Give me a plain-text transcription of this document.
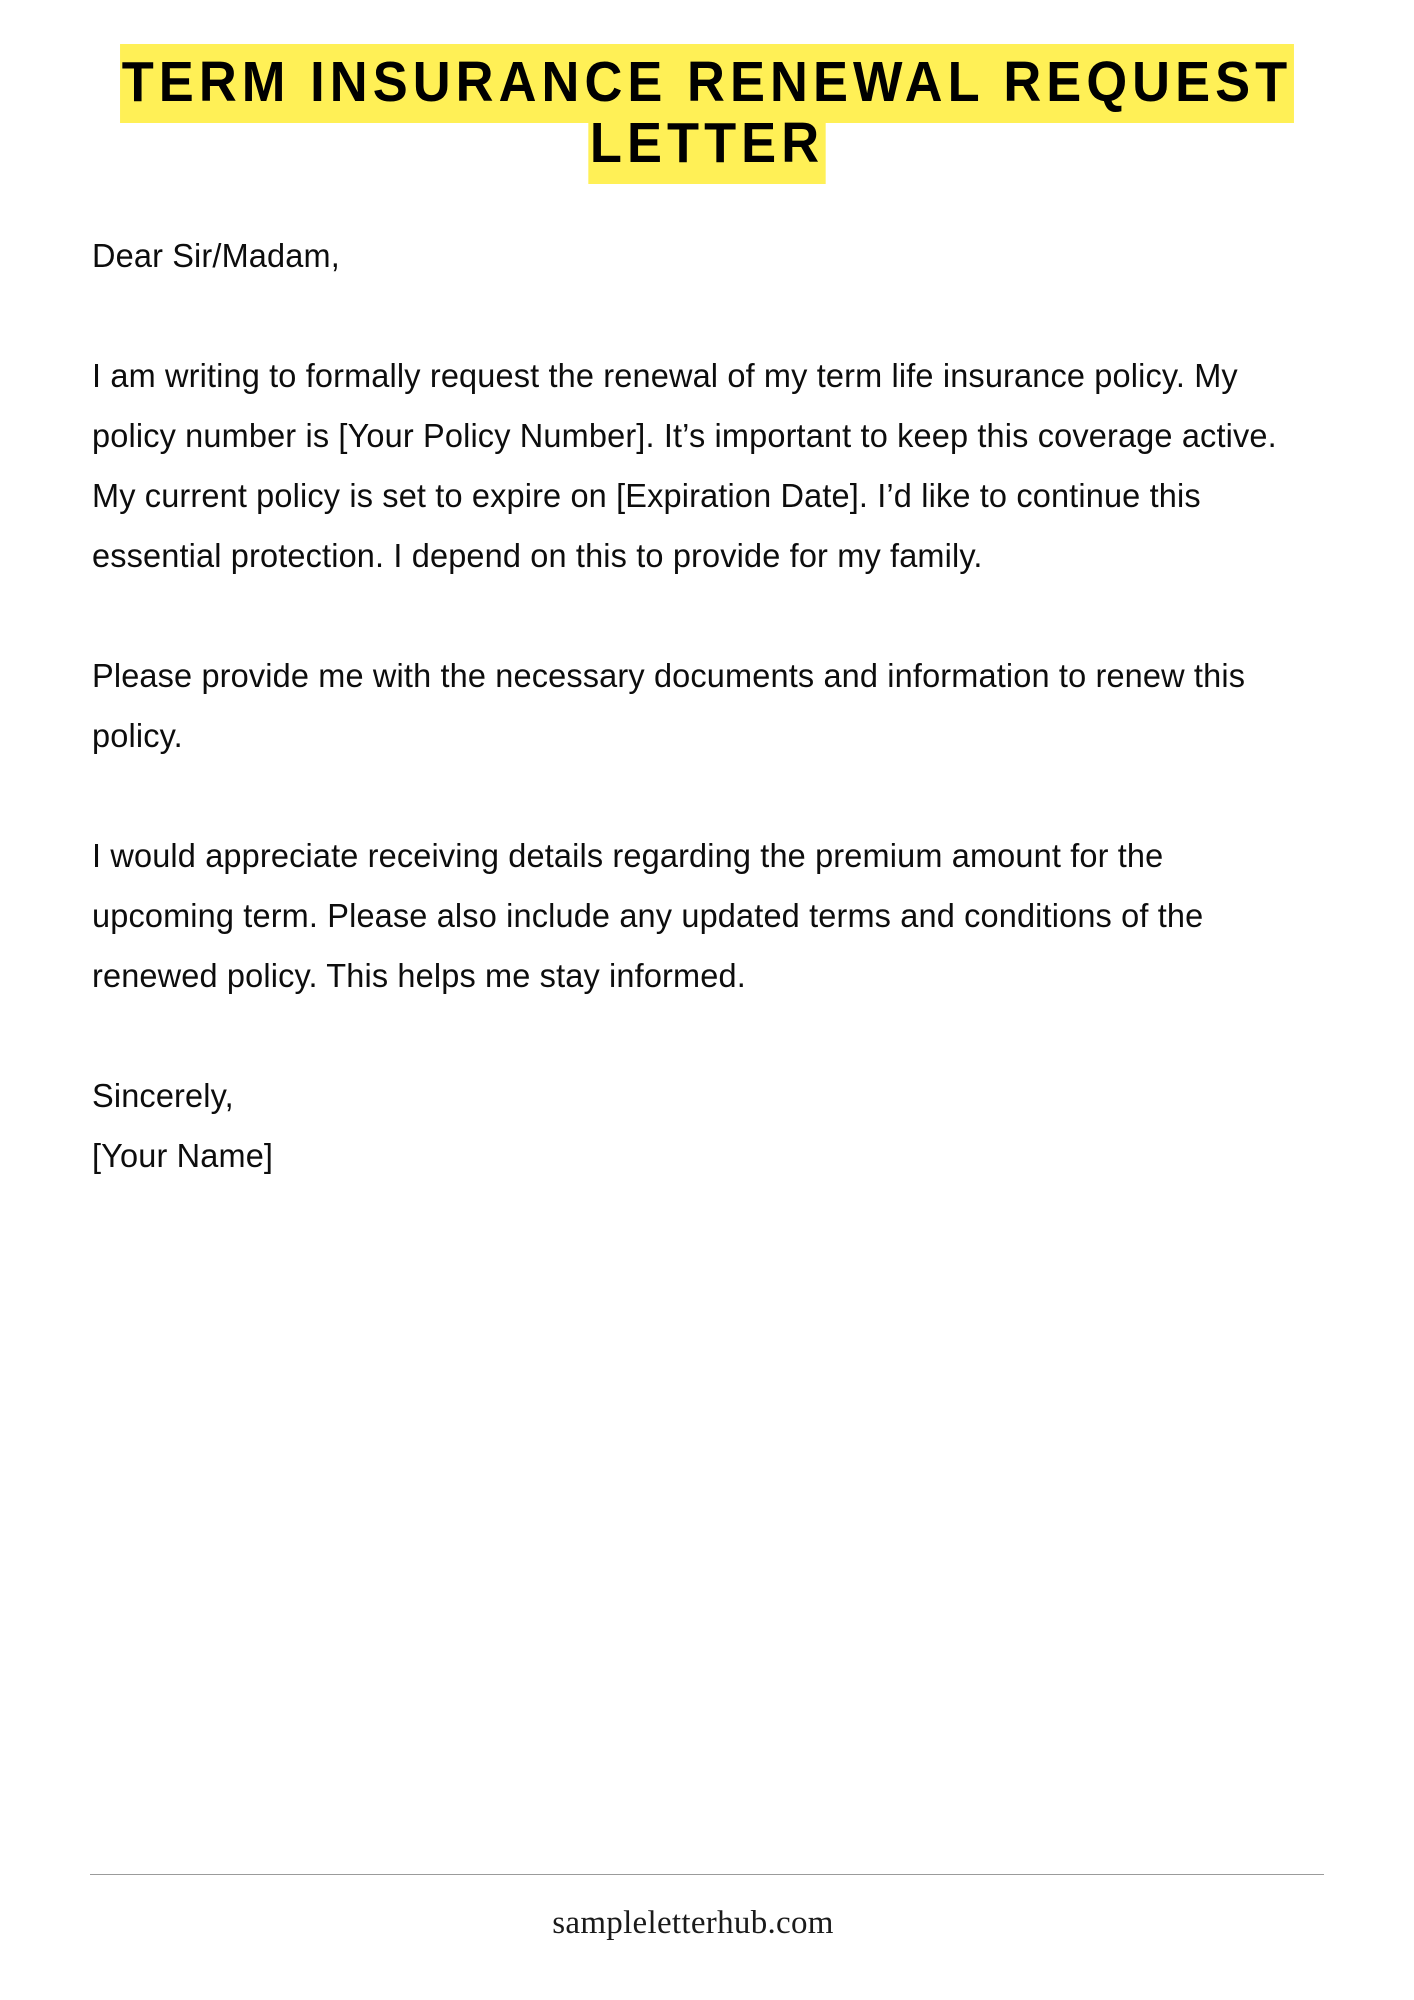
TERM INSURANCE RENEWAL REQUEST LETTER

Dear Sir/Madam,

I am writing to formally request the renewal of my term life insurance policy. My policy number is [Your Policy Number]. It’s important to keep this coverage active. My current policy is set to expire on [Expiration Date]. I’d like to continue this essential protection. I depend on this to provide for my family.

Please provide me with the necessary documents and information to renew this policy.

I would appreciate receiving details regarding the premium amount for the upcoming term. Please also include any updated terms and conditions of the renewed policy. This helps me stay informed.

Sincerely,

[Your Name]

sampleletterhub.com
